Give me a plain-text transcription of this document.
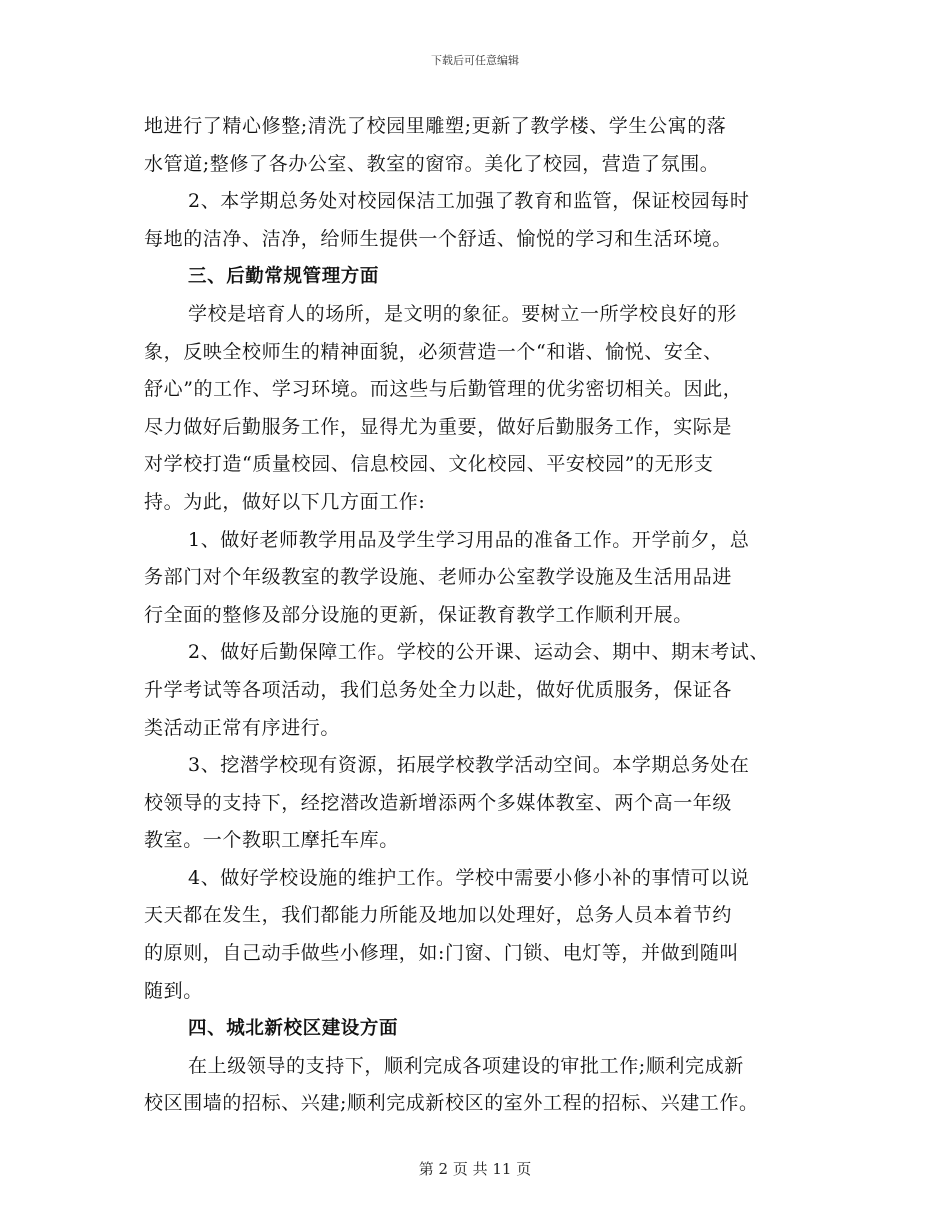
下载后可任意编辑
地进行了精心修整;清洗了校园里雕塑;更新了教学楼、学生公寓的落
水管道;整修了各办公室、教室的窗帘。美化了校园，营造了氛围。
2、本学期总务处对校园保洁工加强了教育和监管，保证校园每时
每地的洁净、洁净，给师生提供一个舒适、愉悦的学习和生活环境。
三、后勤常规管理方面
学校是培育人的场所，是文明的象征。要树立一所学校良好的形
象，反映全校师生的精神面貌，必须营造一个“和谐、愉悦、安全、
舒心”的工作、学习环境。而这些与后勤管理的优劣密切相关。因此，
尽力做好后勤服务工作，显得尤为重要，做好后勤服务工作，实际是
对学校打造“质量校园、信息校园、文化校园、平安校园”的无形支
持。为此，做好以下几方面工作:
1、做好老师教学用品及学生学习用品的准备工作。开学前夕，总
务部门对个年级教室的教学设施、老师办公室教学设施及生活用品进
行全面的整修及部分设施的更新，保证教育教学工作顺利开展。
2、做好后勤保障工作。学校的公开课、运动会、期中、期末考试、
升学考试等各项活动，我们总务处全力以赴，做好优质服务，保证各
类活动正常有序进行。
3、挖潜学校现有资源，拓展学校教学活动空间。本学期总务处在
校领导的支持下，经挖潜改造新增添两个多媒体教室、两个高一年级
教室。一个教职工摩托车库。
4、做好学校设施的维护工作。学校中需要小修小补的事情可以说
天天都在发生，我们都能力所能及地加以处理好，总务人员本着节约
的原则，自己动手做些小修理，如:门窗、门锁、电灯等，并做到随叫
随到。
四、城北新校区建设方面
在上级领导的支持下，顺利完成各项建设的审批工作;顺利完成新
校区围墙的招标、兴建;顺利完成新校区的室外工程的招标、兴建工作。
第 2 页 共 11 页
